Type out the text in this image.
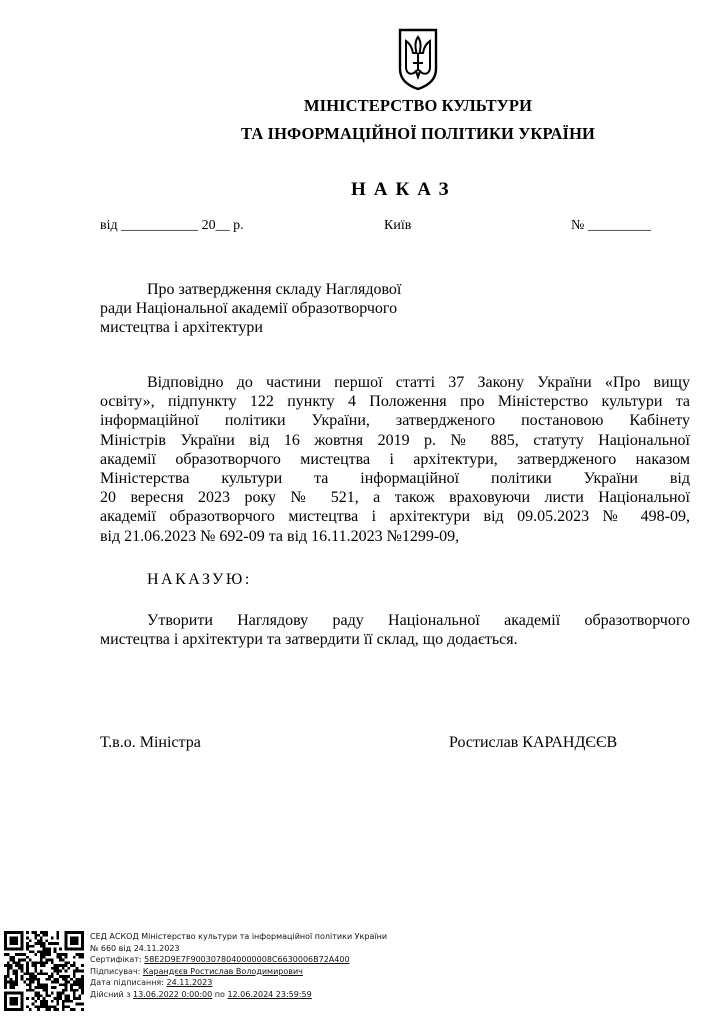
МІНІСТЕРСТВО КУЛЬТУРИ
ТА ІНФОРМАЦІЙНОЇ ПОЛІТИКИ УКРАЇНИ
НАКАЗ
від ___________ 20__ р.	Київ	№ _________
Про затвердження складу Наглядової
ради Національної академії образотворчого
мистецтва і архітектури
Відповідно до частини першої статті 37 Закону України «Про вищу
освіту», підпункту 122 пункту 4 Положення про Міністерство культури та
інформаційної політики України, затвердженого постановою Кабінету
Міністрів України від 16 жовтня 2019 р. № 885, статуту Національної
академії образотворчого мистецтва і архітектури, затвердженого наказом
Міністерства культури та інформаційної політики України від
20 вересня 2023 року № 521, а також враховуючи листи Національної
академії образотворчого мистецтва і архітектури від 09.05.2023 № 498-09,
від 21.06.2023 № 692-09 та від 16.11.2023 №1299-09,
НАКАЗУЮ:
Утворити Наглядову раду Національної академії образотворчого
мистецтва і архітектури та затвердити її склад, що додається.
Т.в.о. Міністра	Ростислав КАРАНДЄЄВ
СЕД АСКОД Міністерство культури та інформаційної політики України
№ 660 від 24.11.2023
Сертифікат: 58E2D9E7F9003078040000008C6630006B72A400
Підписувач: Карандєєв Ростислав Володимирович
Дата підписання: 24.11.2023
Дійсний з 13.06.2022 0:00:00 по 12.06.2024 23:59:59
